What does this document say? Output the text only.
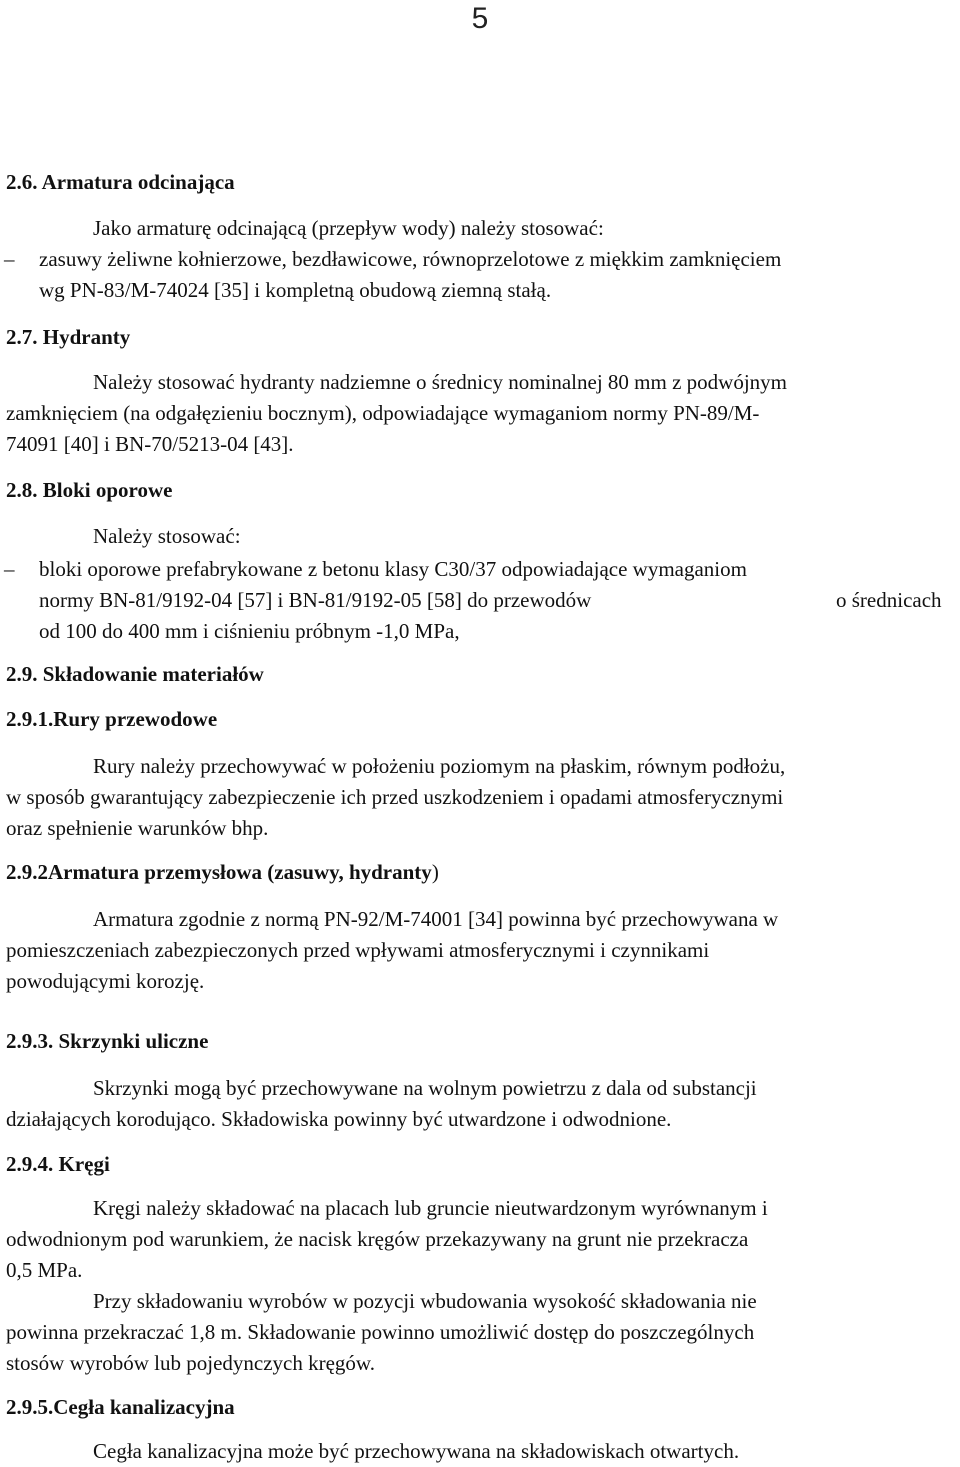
5
2.6. Armatura odcinająca
Jako armaturę odcinającą (przepływ wody) należy stosować:
– zasuwy żeliwne kołnierzowe, bezdławicowe, równoprzelotowe z miękkim zamknięciem
wg PN-83/M-74024 [35] i kompletną obudową ziemną stałą.
2.7. Hydranty
Należy stosować hydranty nadziemne o średnicy nominalnej 80 mm z podwójnym
zamknięciem (na odgałęzieniu bocznym), odpowiadające wymaganiom normy PN-89/M-
74091 [40] i BN-70/5213-04 [43].
2.8. Bloki oporowe
Należy stosować:
– bloki oporowe prefabrykowane z betonu klasy C30/37 odpowiadające wymaganiom
normy BN-81/9192-04 [57] i BN-81/9192-05 [58] do przewodów	o średnicach
od 100 do 400 mm i ciśnieniu próbnym -1,0 MPa,
2.9. Składowanie materiałów
2.9.1.Rury przewodowe
Rury należy przechowywać w położeniu poziomym na płaskim, równym podłożu,
w sposób gwarantujący zabezpieczenie ich przed uszkodzeniem i opadami atmosferycznymi
oraz spełnienie warunków bhp.
2.9.2Armatura przemysłowa (zasuwy, hydranty)
Armatura zgodnie z normą PN-92/M-74001 [34] powinna być przechowywana w
pomieszczeniach zabezpieczonych przed wpływami atmosferycznymi i czynnikami
powodującymi korozję.
2.9.3. Skrzynki uliczne
Skrzynki mogą być przechowywane na wolnym powietrzu z dala od substancji
działających korodująco. Składowiska powinny być utwardzone i odwodnione.
2.9.4. Kręgi
Kręgi należy składować na placach lub gruncie nieutwardzonym wyrównanym i
odwodnionym pod warunkiem, że nacisk kręgów przekazywany na grunt nie przekracza
0,5 MPa.
Przy składowaniu wyrobów w pozycji wbudowania wysokość składowania nie
powinna przekraczać 1,8 m. Składowanie powinno umożliwić dostęp do poszczególnych
stosów wyrobów lub pojedynczych kręgów.
2.9.5.Cegła kanalizacyjna
Cegła kanalizacyjna może być przechowywana na składowiskach otwartych.
